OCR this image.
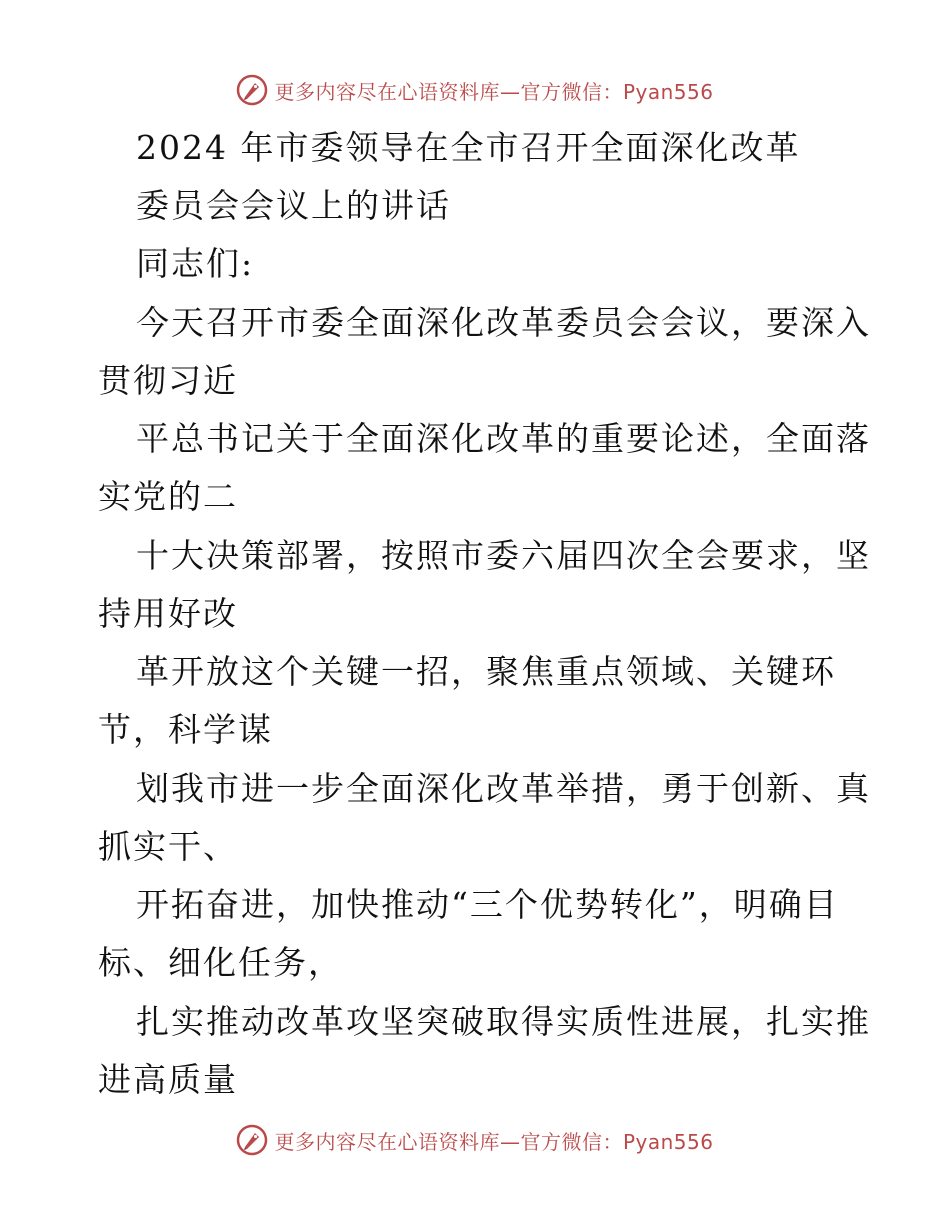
更多内容尽在心语资料库—官方微信：Pyan556
2024 年市委领导在全市召开全面深化改革
委员会会议上的讲话
同志们:
今天召开市委全面深化改革委员会会议，要深入
贯彻习近
平总书记关于全面深化改革的重要论述，全面落
实党的二
十大决策部署，按照市委六届四次全会要求，坚
持用好改
革开放这个关键一招，聚焦重点领域、关键环
节，科学谋
划我市进一步全面深化改革举措，勇于创新、真
抓实干、
开拓奋进，加快推动“三个优势转化”，明确目
标、细化任务，
扎实推动改革攻坚突破取得实质性进展，扎实推
进高质量
更多内容尽在心语资料库—官方微信：Pyan556
